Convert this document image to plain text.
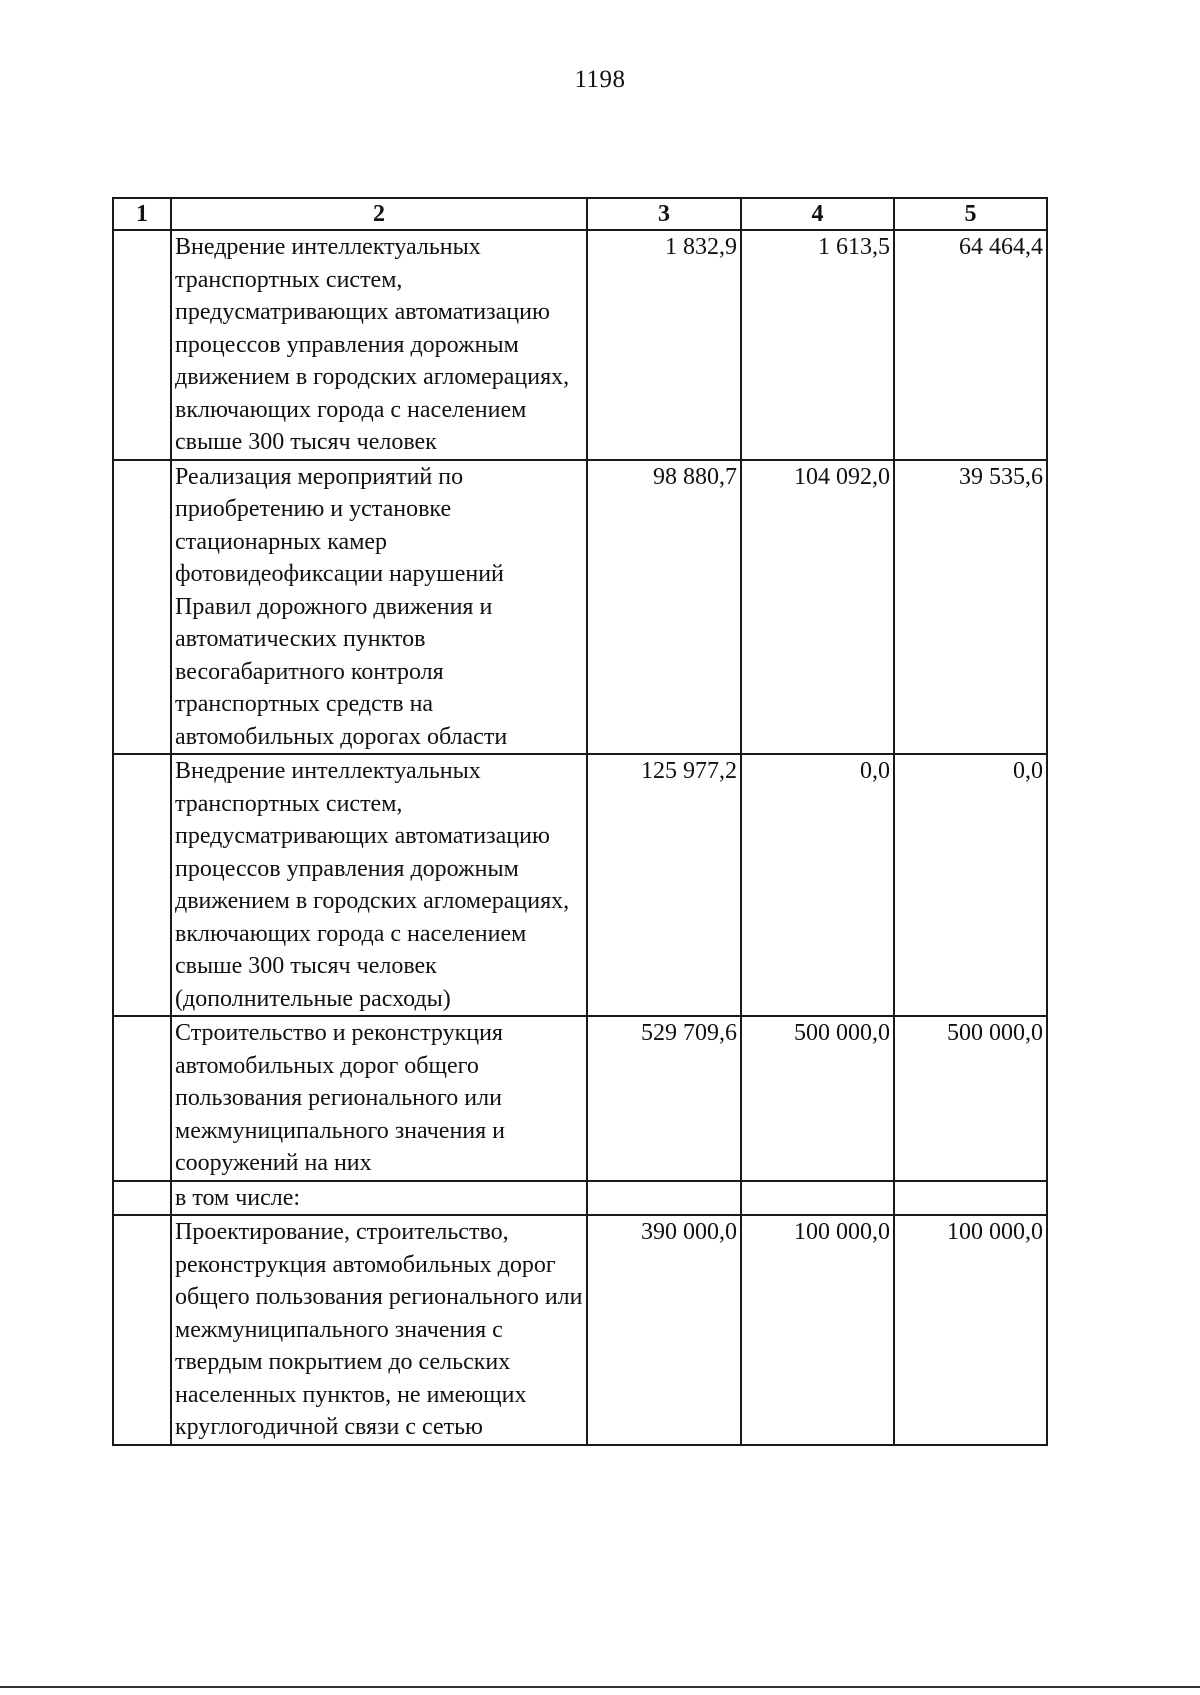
1198
1	2	3	4	5
	Внедрение интеллектуальных транспортных систем, предусматривающих автоматизацию процессов управления дорожным движением в городских агломерациях, включающих города с населением свыше 300 тысяч человек	1 832,9	1 613,5	64 464,4
	Реализация мероприятий по приобретению и установке стационарных камер фотовидеофиксации нарушений Правил дорожного движения и автоматических пунктов весогабаритного контроля транспортных средств на автомобильных дорогах области	98 880,7	104 092,0	39 535,6
	Внедрение интеллектуальных транспортных систем, предусматривающих автоматизацию процессов управления дорожным движением в городских агломерациях, включающих города с населением свыше 300 тысяч человек (дополнительные расходы)	125 977,2	0,0	0,0
	Строительство и реконструкция автомобильных дорог общего пользования регионального или межмуниципального значения и сооружений на них	529 709,6	500 000,0	500 000,0
	в том числе:			
	Проектирование, строительство, реконструкция автомобильных дорог общего пользования регионального или межмуниципального значения с твердым покрытием до сельских населенных пунктов, не имеющих круглогодичной связи с сетью	390 000,0	100 000,0	100 000,0
